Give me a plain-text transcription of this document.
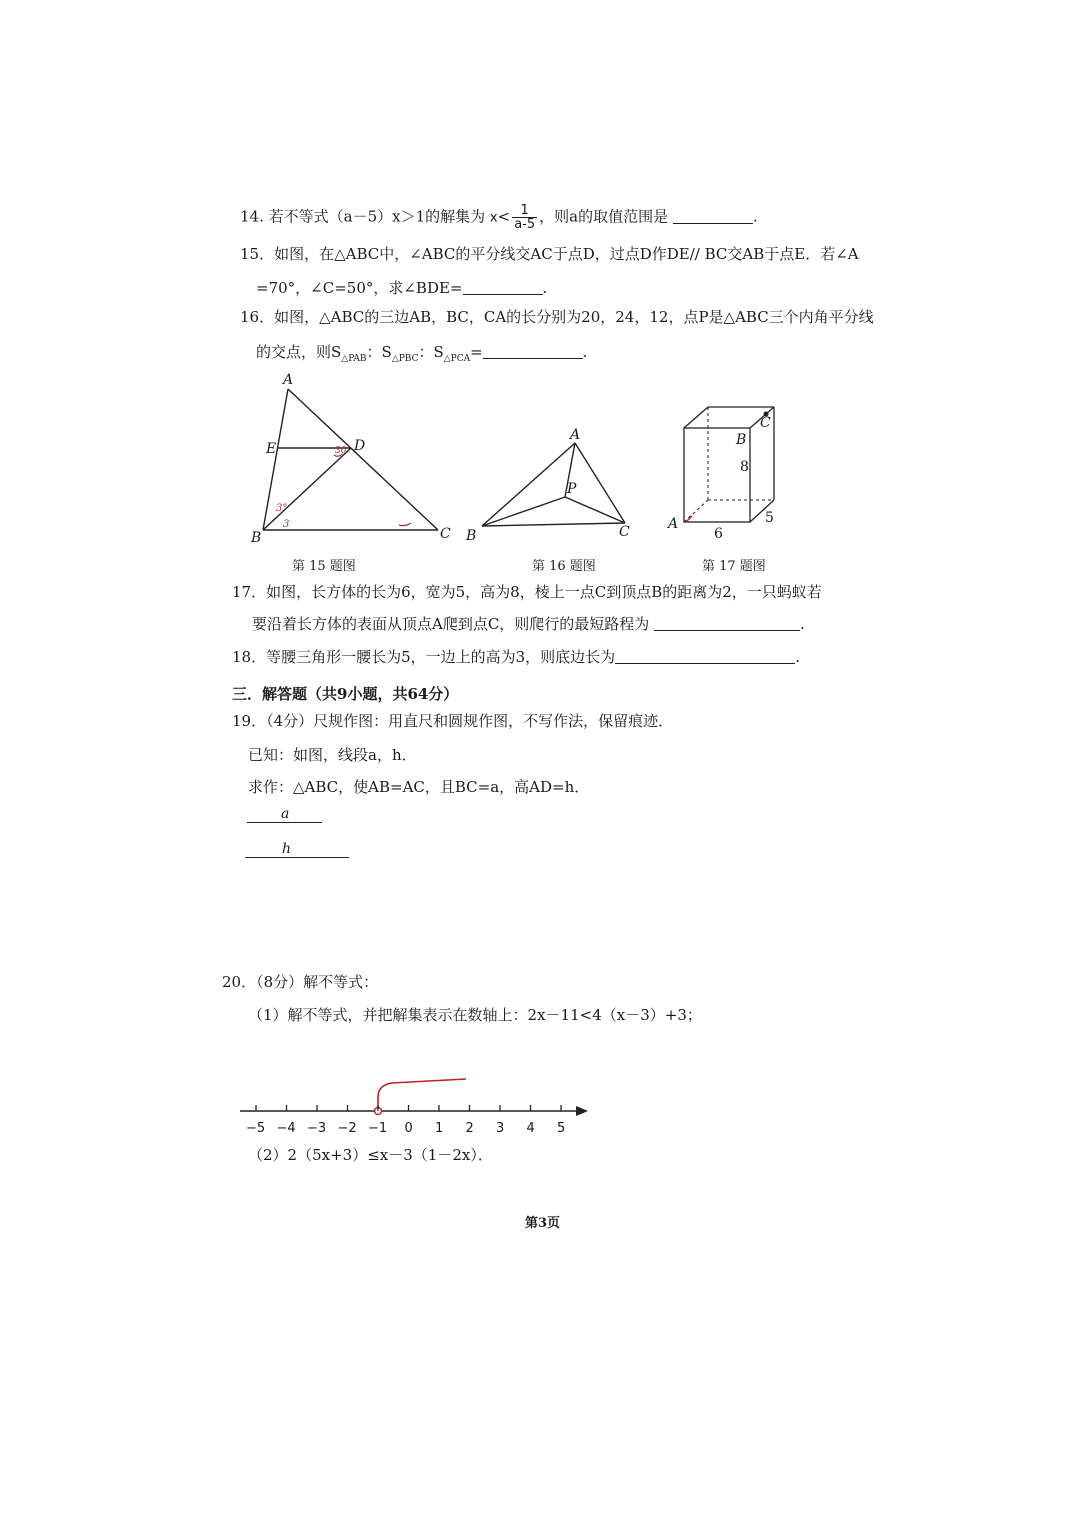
14. 若不等式（a－5）x＞1的解集为 $x< \frac{1}{a-5}$ ，则a的取值范围是	.
15．如图，在△ABC中，∠ABC的平分线交AC于点D，过点D作DE// BC交AB于点E．若∠A
=70°，∠C=50°，求∠BDE=	.
16．如图，△ABC的三边AB，BC，CA的长分别为20，24，12，点P是△ABC三个内角平分线
的交点，则$S_{\triangle PAB}$：$S_{\triangle PBC}$：$S_{\triangle PCA}=$	.
A
E	D
B	C
3°
3
30
第 15 题图
A
P
B	C
第 16 题图
B
C
A
8
5
6
第 17 题图
17．如图，长方体的长为6，宽为5，高为8，棱上一点C到顶点B的距离为2，一只蚂蚁若
要沿着长方体的表面从顶点A爬到点C，则爬行的最短路程为	.
18．等腰三角形一腰长为5，一边上的高为3，则底边长为	.
三．解答题（共9小题，共64分）
19．（4分）尺规作图：用直尺和圆规作图，不写作法，保留痕迹．
已知：如图，线段a，h．
求作：△ABC，使AB=AC，且BC=a，高AD=h．
a
h
20．（8分）解不等式：
（1）解不等式，并把解集表示在数轴上：2x－11<4（x－3）+3；
−5 −4 −3 −2 −1 0 1 2 3 4 5
（2）2（5x+3）≤x－3（1－2x）．
第3页
